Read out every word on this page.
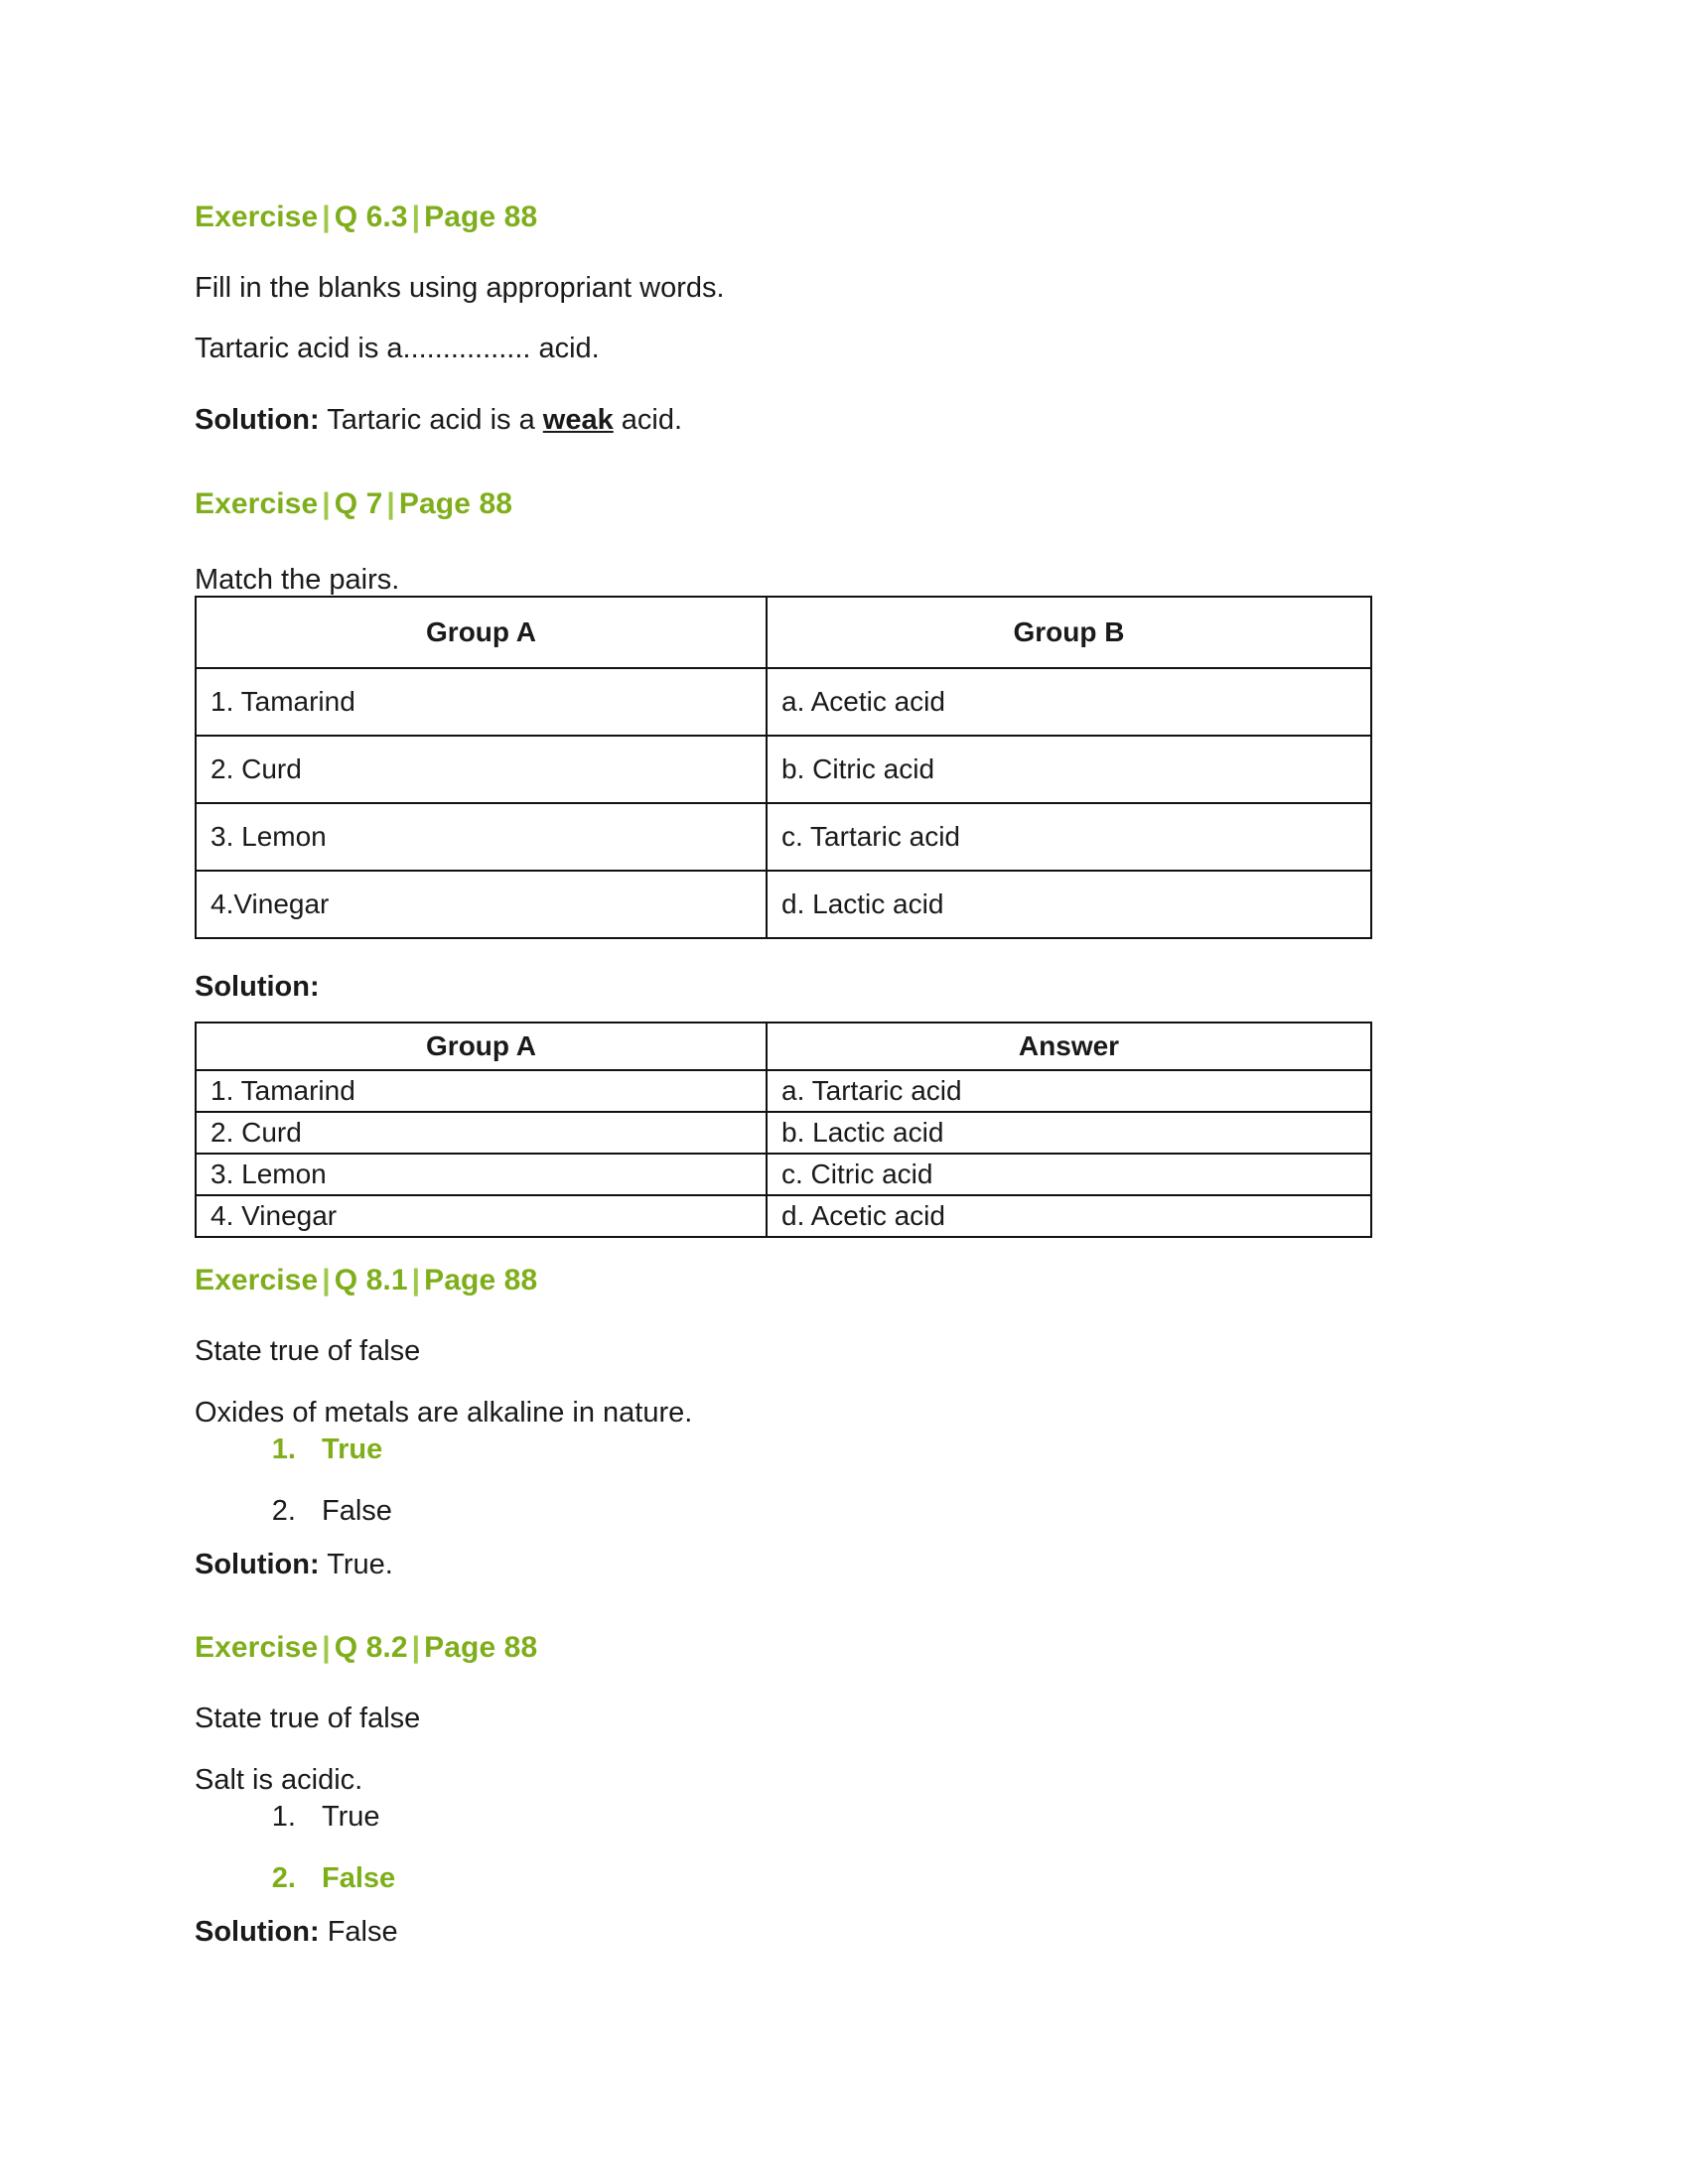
Exercise | Q 6.3 | Page 88

Fill in the blanks using appropriant words.

Tartaric acid is a................ acid.

Solution: Tartaric acid is a weak acid.

Exercise | Q 7 | Page 88

Match the pairs.

Group A	Group B
1. Tamarind	a. Acetic acid
2. Curd	b. Citric acid
3. Lemon	c. Tartaric acid
4.Vinegar	d. Lactic acid

Solution:

Group A	Answer
1. Tamarind	a. Tartaric acid
2. Curd	b. Lactic acid
3. Lemon	c. Citric acid
4. Vinegar	d. Acetic acid
Exercise | Q 8.1 | Page 88

State true of false

Oxides of metals are alkaline in nature.

1. True
2. False

Solution: True.

Exercise | Q 8.2 | Page 88

State true of false

Salt is acidic.

1. True
2. False

Solution: False
